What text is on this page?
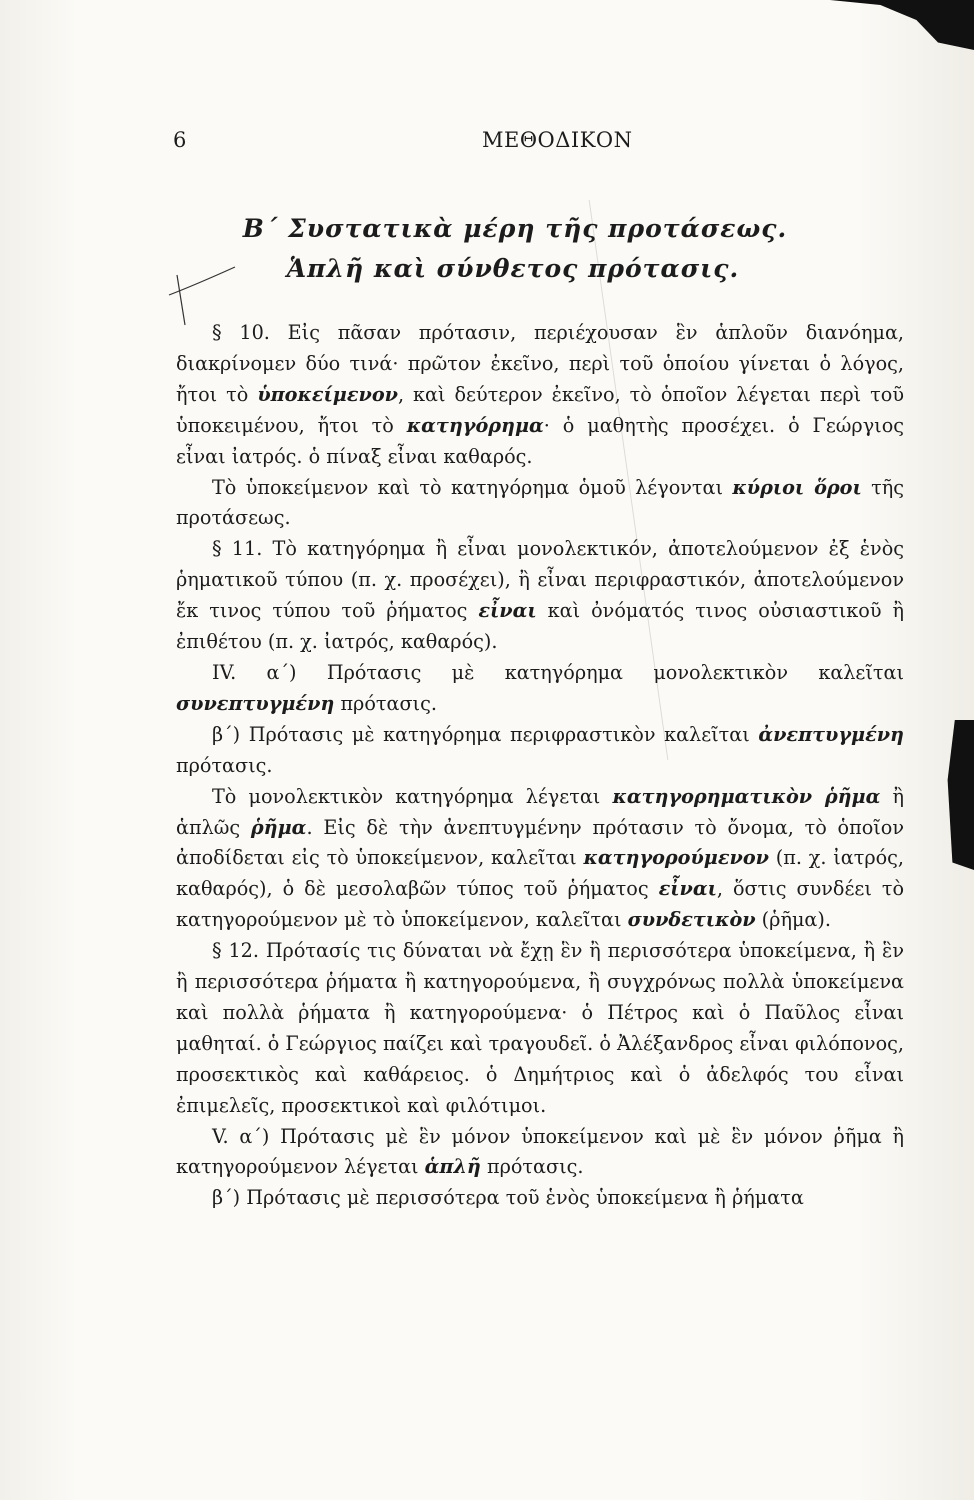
6	ΜΕΘΟΔΙΚΟΝ
Β΄ Συστατικὰ μέρη τῆς προτάσεως.
Ἁπλῆ καὶ σύνθετος πρότασις.

§ 10. Εἰς πᾶσαν πρότασιν, περιέχουσαν ἓν ἁπλοῦν διανόημα, διακρίνομεν δύο τινά· πρῶτον ἐκεῖνο, περὶ τοῦ ὁποίου γίνεται ὁ λόγος, ἤτοι τὸ ὑποκείμενον, καὶ δεύτερον ἐκεῖνο, τὸ ὁποῖον λέγεται περὶ τοῦ ὑποκειμένου, ἤτοι τὸ κατηγόρημα· ὁ μαθητὴς προσέχει. ὁ Γεώργιος εἶναι ἰατρός. ὁ πίναξ εἶναι καθαρός.

Τὸ ὑποκείμενον καὶ τὸ κατηγόρημα ὁμοῦ λέγονται κύριοι ὅροι τῆς προτάσεως.

§ 11. Τὸ κατηγόρημα ἢ εἶναι μονολεκτικόν, ἀποτελούμενον ἐξ ἑνὸς ῥηματικοῦ τύπου (π. χ. προσέχει), ἢ εἶναι περιφραστικόν, ἀποτελούμενον ἔκ τινος τύπου τοῦ ῥήματος εἶναι καὶ ὀνόματός τινος οὐσιαστικοῦ ἢ ἐπιθέτου (π. χ. ἰατρός, καθαρός).

IV. α΄) Πρότασις μὲ κατηγόρημα μονολεκτικὸν καλεῖται συνεπτυγμένη πρότασις.

β΄) Πρότασις μὲ κατηγόρημα περιφραστικὸν καλεῖται ἀνεπτυγμένη πρότασις.

Τὸ μονολεκτικὸν κατηγόρημα λέγεται κατηγορηματικὸν ῥῆμα ἢ ἁπλῶς ῥῆμα. Εἰς δὲ τὴν ἀνεπτυγμένην πρότασιν τὸ ὄνομα, τὸ ὁποῖον ἀποδίδεται εἰς τὸ ὑποκείμενον, καλεῖται κατηγορούμενον (π. χ. ἰατρός, καθαρός), ὁ δὲ μεσολαβῶν τύπος τοῦ ῥήματος εἶναι, ὅστις συνδέει τὸ κατηγορούμενον μὲ τὸ ὑποκείμενον, καλεῖται συνδετικὸν (ῥῆμα).

§ 12. Πρότασίς τις δύναται νὰ ἔχῃ ἓν ἢ περισσότερα ὑποκείμενα, ἢ ἓν ἢ περισσότερα ῥήματα ἢ κατηγορούμενα, ἢ συγχρόνως πολλὰ ὑποκείμενα καὶ πολλὰ ῥήματα ἢ κατηγορούμενα· ὁ Πέτρος καὶ ὁ Παῦλος εἶναι μαθηταί. ὁ Γεώργιος παίζει καὶ τραγουδεῖ. ὁ Ἀλέξανδρος εἶναι φιλόπονος, προσεκτικὸς καὶ καθάρειος. ὁ Δημήτριος καὶ ὁ ἀδελφός του εἶναι ἐπιμελεῖς, προσεκτικοὶ καὶ φιλότιμοι.

V. α΄) Πρότασις μὲ ἓν μόνον ὑποκείμενον καὶ μὲ ἓν μόνον ῥῆμα ἢ κατηγορούμενον λέγεται ἁπλῆ πρότασις.

β΄) Πρότασις μὲ περισσότερα τοῦ ἑνὸς ὑποκείμενα ἢ ῥήματα
